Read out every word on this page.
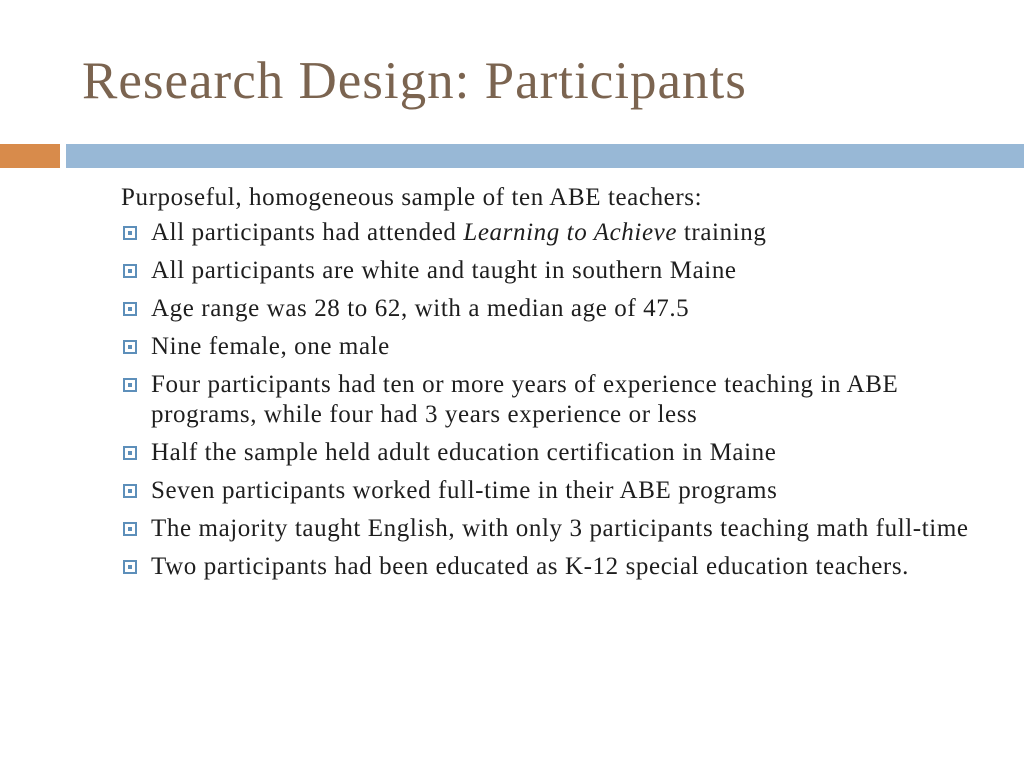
Research Design: Participants

Purposeful, homogeneous sample of ten ABE teachers:

All participants had attended Learning to Achieve training
All participants are white and taught in southern Maine
Age range was 28 to 62, with a median age of 47.5
Nine female, one male
Four participants had ten or more years of experience teaching in ABE programs, while four had 3 years experience or less
Half the sample held adult education certification in Maine
Seven participants worked full-time in their ABE programs
The majority taught English, with only 3 participants teaching math full-time
Two participants had been educated as K-12 special education teachers.
